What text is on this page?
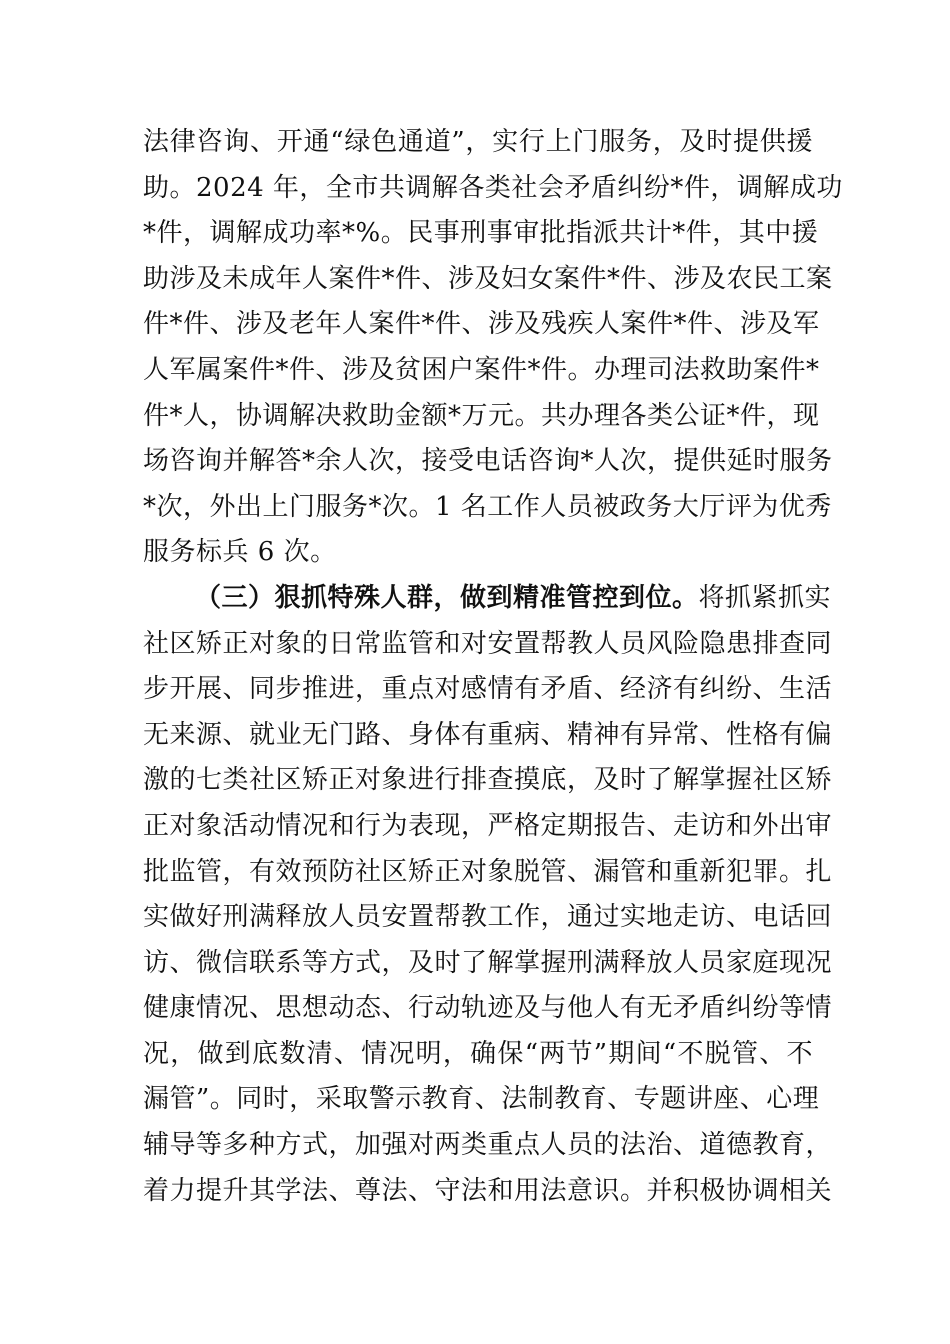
法律咨询、开通“绿色通道”，实行上门服务，及时提供援
助。2024 年，全市共调解各类社会矛盾纠纷*件，调解成功
*件，调解成功率*%。民事刑事审批指派共计*件，其中援
助涉及未成年人案件*件、涉及妇女案件*件、涉及农民工案
件*件、涉及老年人案件*件、涉及残疾人案件*件、涉及军
人军属案件*件、涉及贫困户案件*件。办理司法救助案件*
件*人，协调解决救助金额*万元。共办理各类公证*件，现
场咨询并解答*余人次，接受电话咨询*人次，提供延时服务
*次，外出上门服务*次。1 名工作人员被政务大厅评为优秀
服务标兵 6 次。
（三）狠抓特殊人群，做到精准管控到位。将抓紧抓实
社区矫正对象的日常监管和对安置帮教人员风险隐患排查同
步开展、同步推进，重点对感情有矛盾、经济有纠纷、生活
无来源、就业无门路、身体有重病、精神有异常、性格有偏
激的七类社区矫正对象进行排查摸底，及时了解掌握社区矫
正对象活动情况和行为表现，严格定期报告、走访和外出审
批监管，有效预防社区矫正对象脱管、漏管和重新犯罪。扎
实做好刑满释放人员安置帮教工作，通过实地走访、电话回
访、微信联系等方式，及时了解掌握刑满释放人员家庭现况
健康情况、思想动态、行动轨迹及与他人有无矛盾纠纷等情
况，做到底数清、情况明，确保“两节”期间“不脱管、不
漏管”。同时，采取警示教育、法制教育、专题讲座、心理
辅导等多种方式，加强对两类重点人员的法治、道德教育，
着力提升其学法、尊法、守法和用法意识。并积极协调相关
